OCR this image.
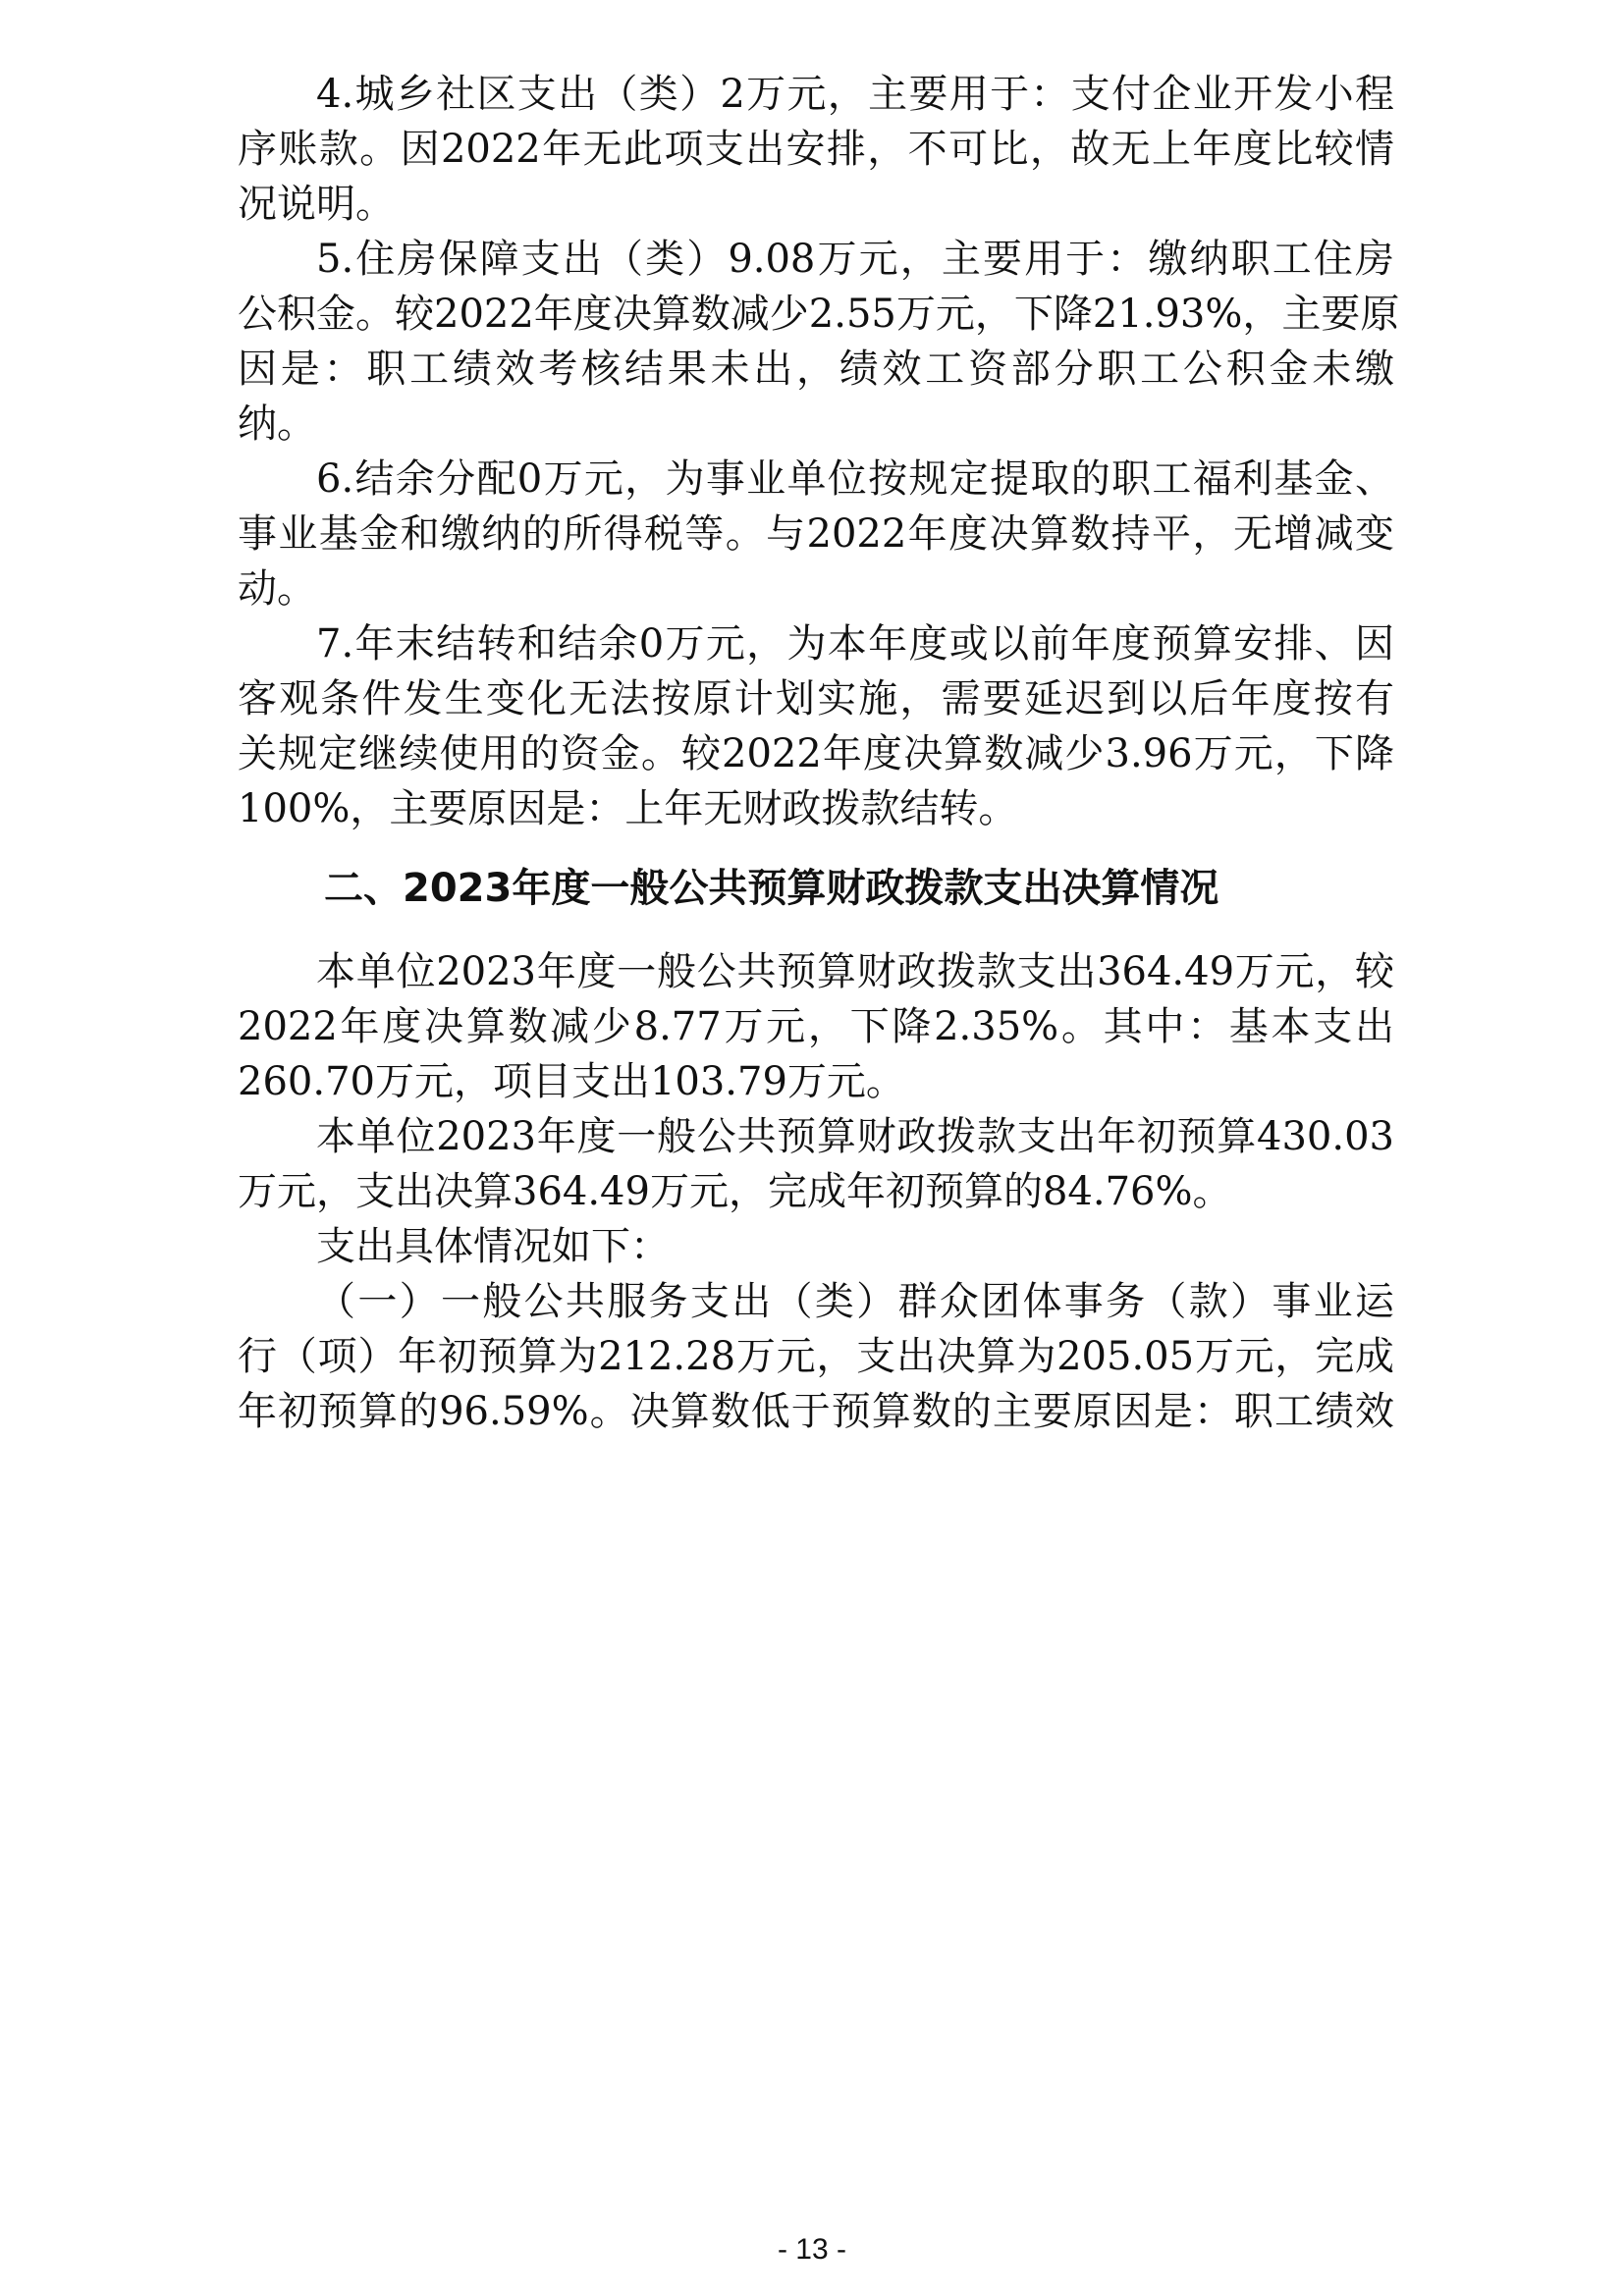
4.城乡社区支出（类）2万元，主要用于：支付企业开发小程
序账款。因2022年无此项支出安排，不可比，故无上年度比较情
况说明。
5.住房保障支出（类）9.08万元，主要用于：缴纳职工住房
公积金。较2022年度决算数减少2.55万元，下降21.93%，主要原
因是：职工绩效考核结果未出，绩效工资部分职工公积金未缴
纳。
6.结余分配0万元，为事业单位按规定提取的职工福利基金、
事业基金和缴纳的所得税等。与2022年度决算数持平，无增减变
动。
7.年末结转和结余0万元，为本年度或以前年度预算安排、因
客观条件发生变化无法按原计划实施，需要延迟到以后年度按有
关规定继续使用的资金。较2022年度决算数减少3.96万元，下降
100%，主要原因是：上年无财政拨款结转。
二、2023年度一般公共预算财政拨款支出决算情况
本单位2023年度一般公共预算财政拨款支出364.49万元，较
2022年度决算数减少8.77万元，下降2.35%。其中：基本支出
260.70万元，项目支出103.79万元。
本单位2023年度一般公共预算财政拨款支出年初预算430.03
万元，支出决算364.49万元，完成年初预算的84.76%。
支出具体情况如下：
（一）一般公共服务支出（类）群众团体事务（款）事业运
行（项）年初预算为212.28万元，支出决算为205.05万元，完成
年初预算的96.59%。决算数低于预算数的主要原因是：职工绩效
- 13 -
